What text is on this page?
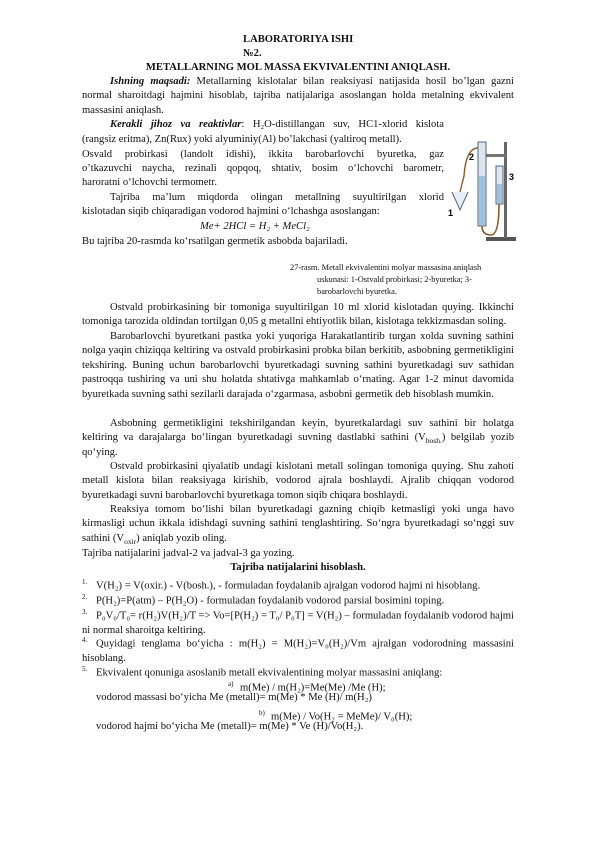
LABORATORIYA ISHI
№2.
METALLARNING MOL MASSA EKVIVALENTINI ANIQLASH.
Ishning maqsadi: Metallarning kislotalar bilan reaksiyasi natijasida hosil bo’lgan gazni normal sharoitdagi hajmini hisoblab, tajriba natijalariga asoslangan holda metalning ekvivalent massasini aniqlash.
Kerakli jihoz va reaktivlar: H₂O-distillangan suv, HC1-xlorid kislota
(rangsiz eritma), Zn(Rux) yoki alyuminiy(Al) bo’lakchasi (yaltiroq metall).
Osvald probirkasi (landolt idishi), ikkita barobarlovchi byuretka, gaz
o’tkazuvchi naycha, rezinali qopqoq, shtativ, bosim o‘lchovchi barometr,
haroratni o‘lchovchi termometr.
Tajriba ma’lum miqdorda olingan metallning suyultirilgan xlorid
kislotadan siqib chiqaradigan vodorod hajmini o‘lchashga asoslangan:
Me+ 2HCl = H₂ + MeCl₂
Bu tajriba 20-rasmda ko‘rsatilgan germetik asbobda bajariladi.
2
3
1
27-rasm. Metall ekvivalentini molyar massasina aniqlash
uskunasi: 1-Ostvald probirkasi; 2-byuretka; 3-
barobarlovchi byuretka.
Ostvald probirkasining bir tomoniga suyultirilgan 10 ml xlorid kislotadan quying. Ikkinchi tomoniga tarozida oldindan tortilgan 0,05 g metallni ehtiyotlik bilan, kislotaga tekkizmasdan soling.
Barobarlovchi byuretkani pastka yoki yuqoriga Harakatlantirib turgan xolda suvning sathini nolga yaqin chiziqqa keltiring va ostvald probirkasini probka bilan berkitib, asbobning germetikligini tekshiring. Buning uchun barobarlovchi byuretkadagi suvning sathini byuretkadagi suv sathidan pastroqqa tushiring va uni shu holatda shtativga mahkamlab o‘rnating. Agar 1-2 minut davomida byuretkada suvning sathi sezilarli darajada o‘zgarmasa, asbobni germetik deb hisoblash mumkin.
Asbobning germetikligini tekshirilgandan keyin, byuretkalardagi suv sathini bir holatga keltiring va darajalarga bo‘lingan byuretkadagi suvning dastlabki sathini $(V_{bosh.})$ belgilab yozib qo‘ying.
Ostvald probirkasini qiyalatib undagi kislotani metall solingan tomoniga quying. Shu zahoti metall kislota bilan reaksiyaga kirishib, vodorod ajrala boshlaydi. Ajralib chiqqan vodorod byuretkadagi suvni barobarlovchi byuretkaga tomon siqib chiqara boshlaydi.
Reaksiya tomom bo‘lishi bilan byuretkadagi gazning chiqib ketmasligi yoki unga havo kirmasligi uchun ikkala idishdagi suvning sathini tenglashtiring. So‘ngra byuretkadagi so‘nggi suv sathini $(V_{oxir})$ aniqlab yozib oling.
Tajriba natijalarini jadval-2 va jadval-3 ga yozing.
Tajriba natijalarini hisoblash.
1. V(H₂) = V(oxir.) - V(bosh.), - formuladan foydalanib ajralgan vodorod hajmi ni hisoblang.
2. P(H₂)=P(atm) – P(H₂O) - formuladan foydalanib vodorod parsial bosimini toping.
3. P₀V₀/T₀= r(H₂)V(H₂)/T => Vo=[P(H₂) = T₀/ P₀T] = V(H₂) – formuladan foydalanib vodorod hajmi ni normal sharoitga keltiring.
4. Quyidagi tenglama bo‘yicha : m(H₂) = M(H₂)=V₀(H₂)/Vm ajralgan vodorodning massasini hisoblang.
5. Ekvivalent qonuniga asoslanib metall ekvivalentining molyar massasini aniqlang:
a) m(Me) / m(H₂)=Me(Me) /Me (H);
vodorod massasi bo‘yicha Me (metall)= m(Me) * Me (H)/ m(H₂)
b) m(Me) / Vo(H₂ = MeMe)/ V₀(H);
vodorod hajmi bo‘yicha Me (metall)= m(Me) * Ve (H)/Vo(H₂).
